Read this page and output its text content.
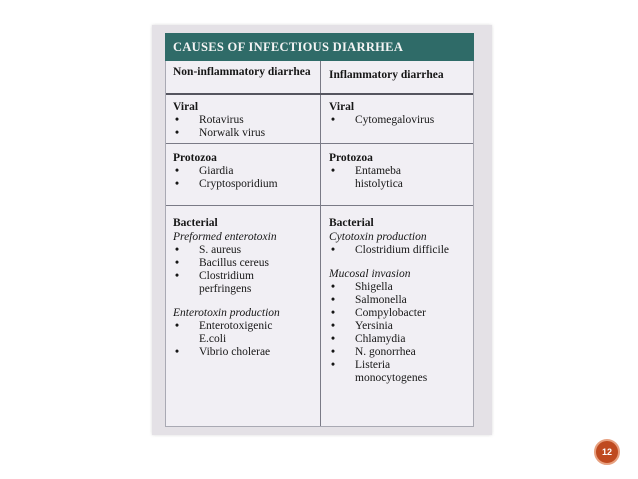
CAUSES OF INFECTIOUS DIARRHEA
Non-inflammatory diarrhea	Inflammatory diarrhea
Viral
• Rotavirus
• Norwalk virus
Viral
• Cytomegalovirus
Protozoa
• Giardia
• Cryptosporidium
Protozoa
• Entameba histolytica
Bacterial
Preformed enterotoxin
• S. aureus
• Bacillus cereus
• Clostridium perfringens
Enterotoxin production
• Enterotoxigenic E.coli
• Vibrio cholerae
Bacterial
Cytotoxin production
• Clostridium difficile
Mucosal invasion
• Shigella
• Salmonella
• Compylobacter
• Yersinia
• Chlamydia
• N. gonorrhea
• Listeria monocytogenes
12
